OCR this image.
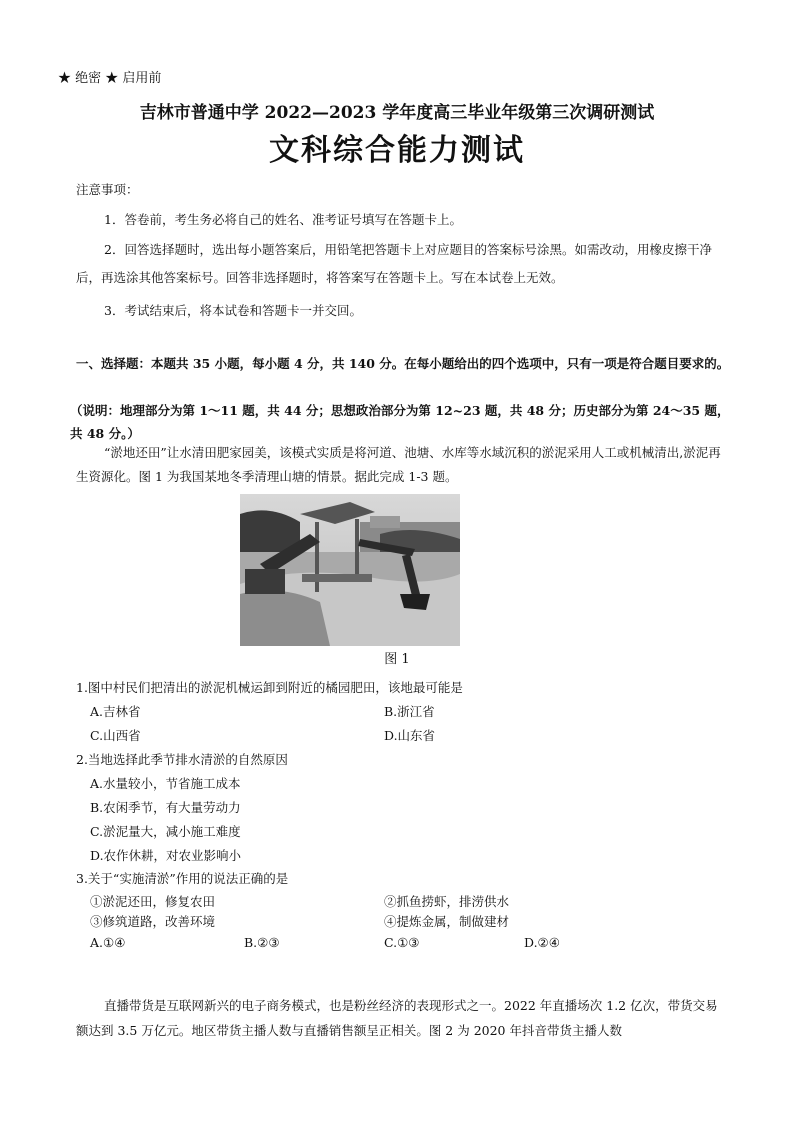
★ 绝密 ★ 启用前
吉林市普通中学 2022—2023 学年度高三毕业年级第三次调研测试
文科综合能力测试
注意事项：
1．答卷前，考生务必将自己的姓名、准考证号填写在答题卡上。
2．回答选择题时，选出每小题答案后，用铅笔把答题卡上对应题目的答案标号涂黑。如需改动，用橡皮擦干净后，再选涂其他答案标号。回答非选择题时，将答案写在答题卡上。写在本试卷上无效。
3．考试结束后，将本试卷和答题卡一并交回。
一、选择题：本题共 35 小题，每小题 4 分，共 140 分。在每小题给出的四个选项中，只有一项是符合题目要求的。
（说明：地理部分为第 1～11 题，共 44 分；思想政治部分为第 12~23 题，共 48 分；历史部分为第 24～35 题，共 48 分。）
“淤地还田”让水清田肥家园美，该模式实质是将河道、池塘、水库等水域沉积的淤泥采用人工或机械清出,淤泥再生资源化。图 1 为我国某地冬季清理山塘的情景。据此完成 1-3 题。
图 1
1.图中村民们把清出的淤泥机械运卸到附近的橘园肥田，该地最可能是
A.吉林省	B.浙江省
C.山西省	D.山东省
2.当地选择此季节排水清淤的自然原因
A.水量较小，节省施工成本
B.农闲季节，有大量劳动力
C.淤泥量大，减小施工难度
D.农作休耕，对农业影响小
3.关于“实施清淤”作用的说法正确的是
①淤泥还田，修复农田	②抓鱼捞虾，排涝供水
③修筑道路，改善环境	④提炼金属，制做建材
A.①④	B.②③	C.①③	D.②④
直播带货是互联网新兴的电子商务模式，也是粉丝经济的表现形式之一。2022 年直播场次 1.2 亿次，带货交易额达到 3.5 万亿元。地区带货主播人数与直播销售额呈正相关。图 2 为 2020 年抖音带货主播人数
